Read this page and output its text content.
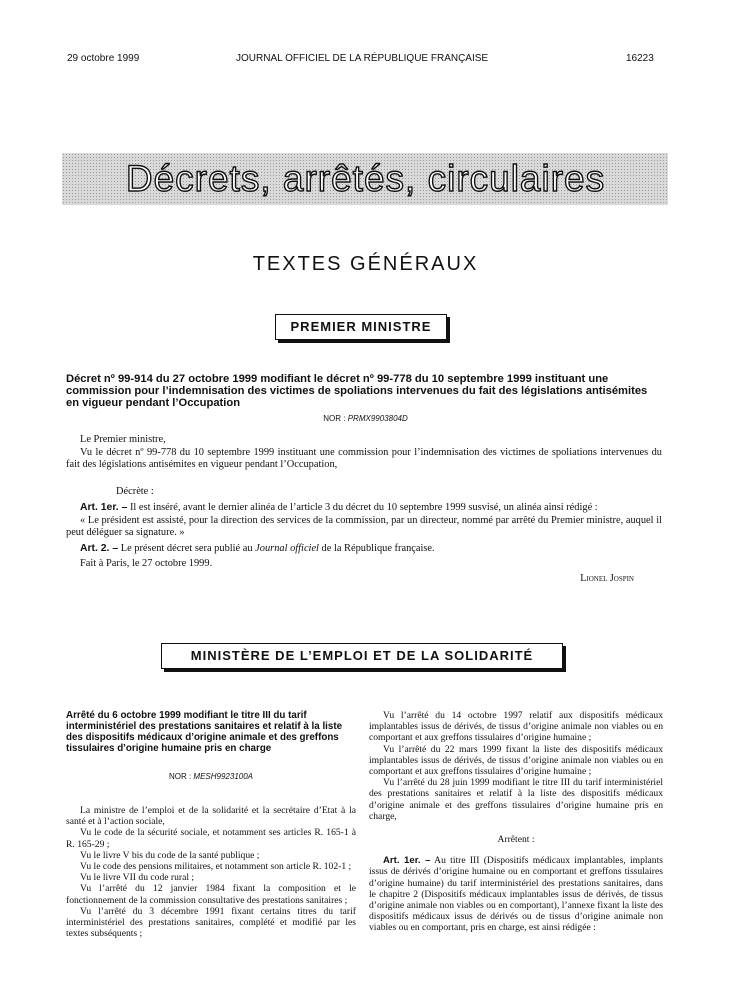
29 octobre 1999	JOURNAL OFFICIEL DE LA RÉPUBLIQUE FRANÇAISE	16223
Décrets, arrêtés, circulaires
TEXTES GÉNÉRAUX
PREMIER MINISTRE
Décret nº 99-914 du 27 octobre 1999 modifiant le décret nº 99-778 du 10 septembre 1999 instituant une commission pour l’indemnisation des victimes de spoliations intervenues du fait des législations antisémites en vigueur pendant l’Occupation
NOR : PRMX9903804D
Le Premier ministre,
Vu le décret nº 99-778 du 10 septembre 1999 instituant une commission pour l’indemnisation des victimes de spoliations intervenues du fait des législations antisémites en vigueur pendant l’Occupation,
Décrète :
Art. 1er. – Il est inséré, avant le dernier alinéa de l’article 3 du décret du 10 septembre 1999 susvisé, un alinéa ainsi rédigé :
« Le président est assisté, pour la direction des services de la commission, par un directeur, nommé par arrêté du Premier ministre, auquel il peut déléguer sa signature. »
Art. 2. – Le présent décret sera publié au Journal officiel de la République française.
Fait à Paris, le 27 octobre 1999.
Lionel Jospin
MINISTÈRE DE L’EMPLOI ET DE LA SOLIDARITÉ
Arrêté du 6 octobre 1999 modifiant le titre III du tarif interministériel des prestations sanitaires et relatif à la liste des dispositifs médicaux d’origine animale et des greffons tissulaires d’origine humaine pris en charge
NOR : MESH9923100A
La ministre de l’emploi et de la solidarité et la secrétaire d’Etat à la santé et à l’action sociale,
Vu le code de la sécurité sociale, et notamment ses articles R. 165-1 à R. 165-29 ;
Vu le livre V bis du code de la santé publique ;
Vu le code des pensions militaires, et notamment son article R. 102-1 ;
Vu le livre VII du code rural ;
Vu l’arrêté du 12 janvier 1984 fixant la composition et le fonctionnement de la commission consultative des prestations sanitaires ;
Vu l’arrêté du 3 décembre 1991 fixant certains titres du tarif interministériel des prestations sanitaires, complété et modifié par les textes subséquents ;
Vu l’arrêté du 14 octobre 1997 relatif aux dispositifs médicaux implantables issus de dérivés, de tissus d’origine animale non viables ou en comportant et aux greffons tissulaires d’origine humaine ;
Vu l’arrêté du 22 mars 1999 fixant la liste des dispositifs médicaux implantables issus de dérivés, de tissus d’origine animale non viables ou en comportant et aux greffons tissulaires d’origine humaine ;
Vu l’arrêté du 28 juin 1999 modifiant le titre III du tarif interministériel des prestations sanitaires et relatif à la liste des dispositifs médicaux d’origine animale et des greffons tissulaires d’origine humaine pris en charge,
Arrêtent :
Art. 1er. – Au titre III (Dispositifs médicaux implantables, implants issus de dérivés d’origine humaine ou en comportant et greffons tissulaires d’origine humaine) du tarif interministériel des prestations sanitaires, dans le chapitre 2 (Dispositifs médicaux implantables issus de dérivés, de tissus d’origine animale non viables ou en comportant), l’annexe fixant la liste des dispositifs médicaux issus de dérivés ou de tissus d’origine animale non viables ou en comportant, pris en charge, est ainsi rédigée :
